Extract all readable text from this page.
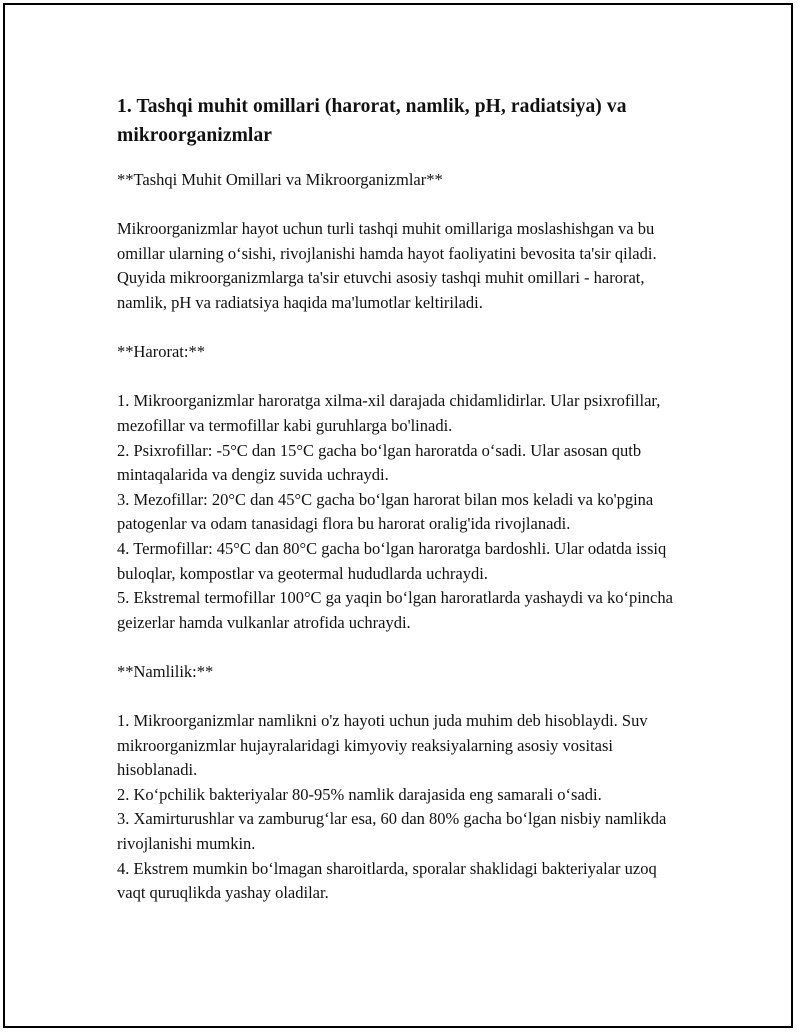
1. Tashqi muhit omillari (harorat, namlik, pH, radiatsiya) va mikroorganizmlar

**Tashqi Muhit Omillari va Mikroorganizmlar**

Mikroorganizmlar hayot uchun turli tashqi muhit omillariga moslashishgan va bu omillar ularning o‘sishi, rivojlanishi hamda hayot faoliyatini bevosita ta'sir qiladi. Quyida mikroorganizmlarga ta'sir etuvchi asosiy tashqi muhit omillari - harorat, namlik, pH va radiatsiya haqida ma'lumotlar keltiriladi.

**Harorat:**

1. Mikroorganizmlar haroratga xilma-xil darajada chidamlidirlar. Ular psixrofillar, mezofillar va termofillar kabi guruhlarga bo'linadi.

2. Psixrofillar: -5°C dan 15°C gacha bo‘lgan haroratda o‘sadi. Ular asosan qutb mintaqalarida va dengiz suvida uchraydi.

3. Mezofillar: 20°C dan 45°C gacha bo‘lgan harorat bilan mos keladi va ko'pgina patogenlar va odam tanasidagi flora bu harorat oralig'ida rivojlanadi.

4. Termofillar: 45°C dan 80°C gacha bo‘lgan haroratga bardoshli. Ular odatda issiq buloqlar, kompostlar va geotermal hududlarda uchraydi.

5. Ekstremal termofillar 100°C ga yaqin bo‘lgan haroratlarda yashaydi va ko‘pincha geizerlar hamda vulkanlar atrofida uchraydi.

**Namlilik:**

1. Mikroorganizmlar namlikni o'z hayoti uchun juda muhim deb hisoblaydi. Suv mikroorganizmlar hujayralaridagi kimyoviy reaksiyalarning asosiy vositasi hisoblanadi.

2. Ko‘pchilik bakteriyalar 80-95% namlik darajasida eng samarali o‘sadi.

3. Xamirturushlar va zamburug‘lar esa, 60 dan 80% gacha bo‘lgan nisbiy namlikda rivojlanishi mumkin.

4. Ekstrem mumkin bo‘lmagan sharoitlarda, sporalar shaklidagi bakteriyalar uzoq vaqt quruqlikda yashay oladilar.
